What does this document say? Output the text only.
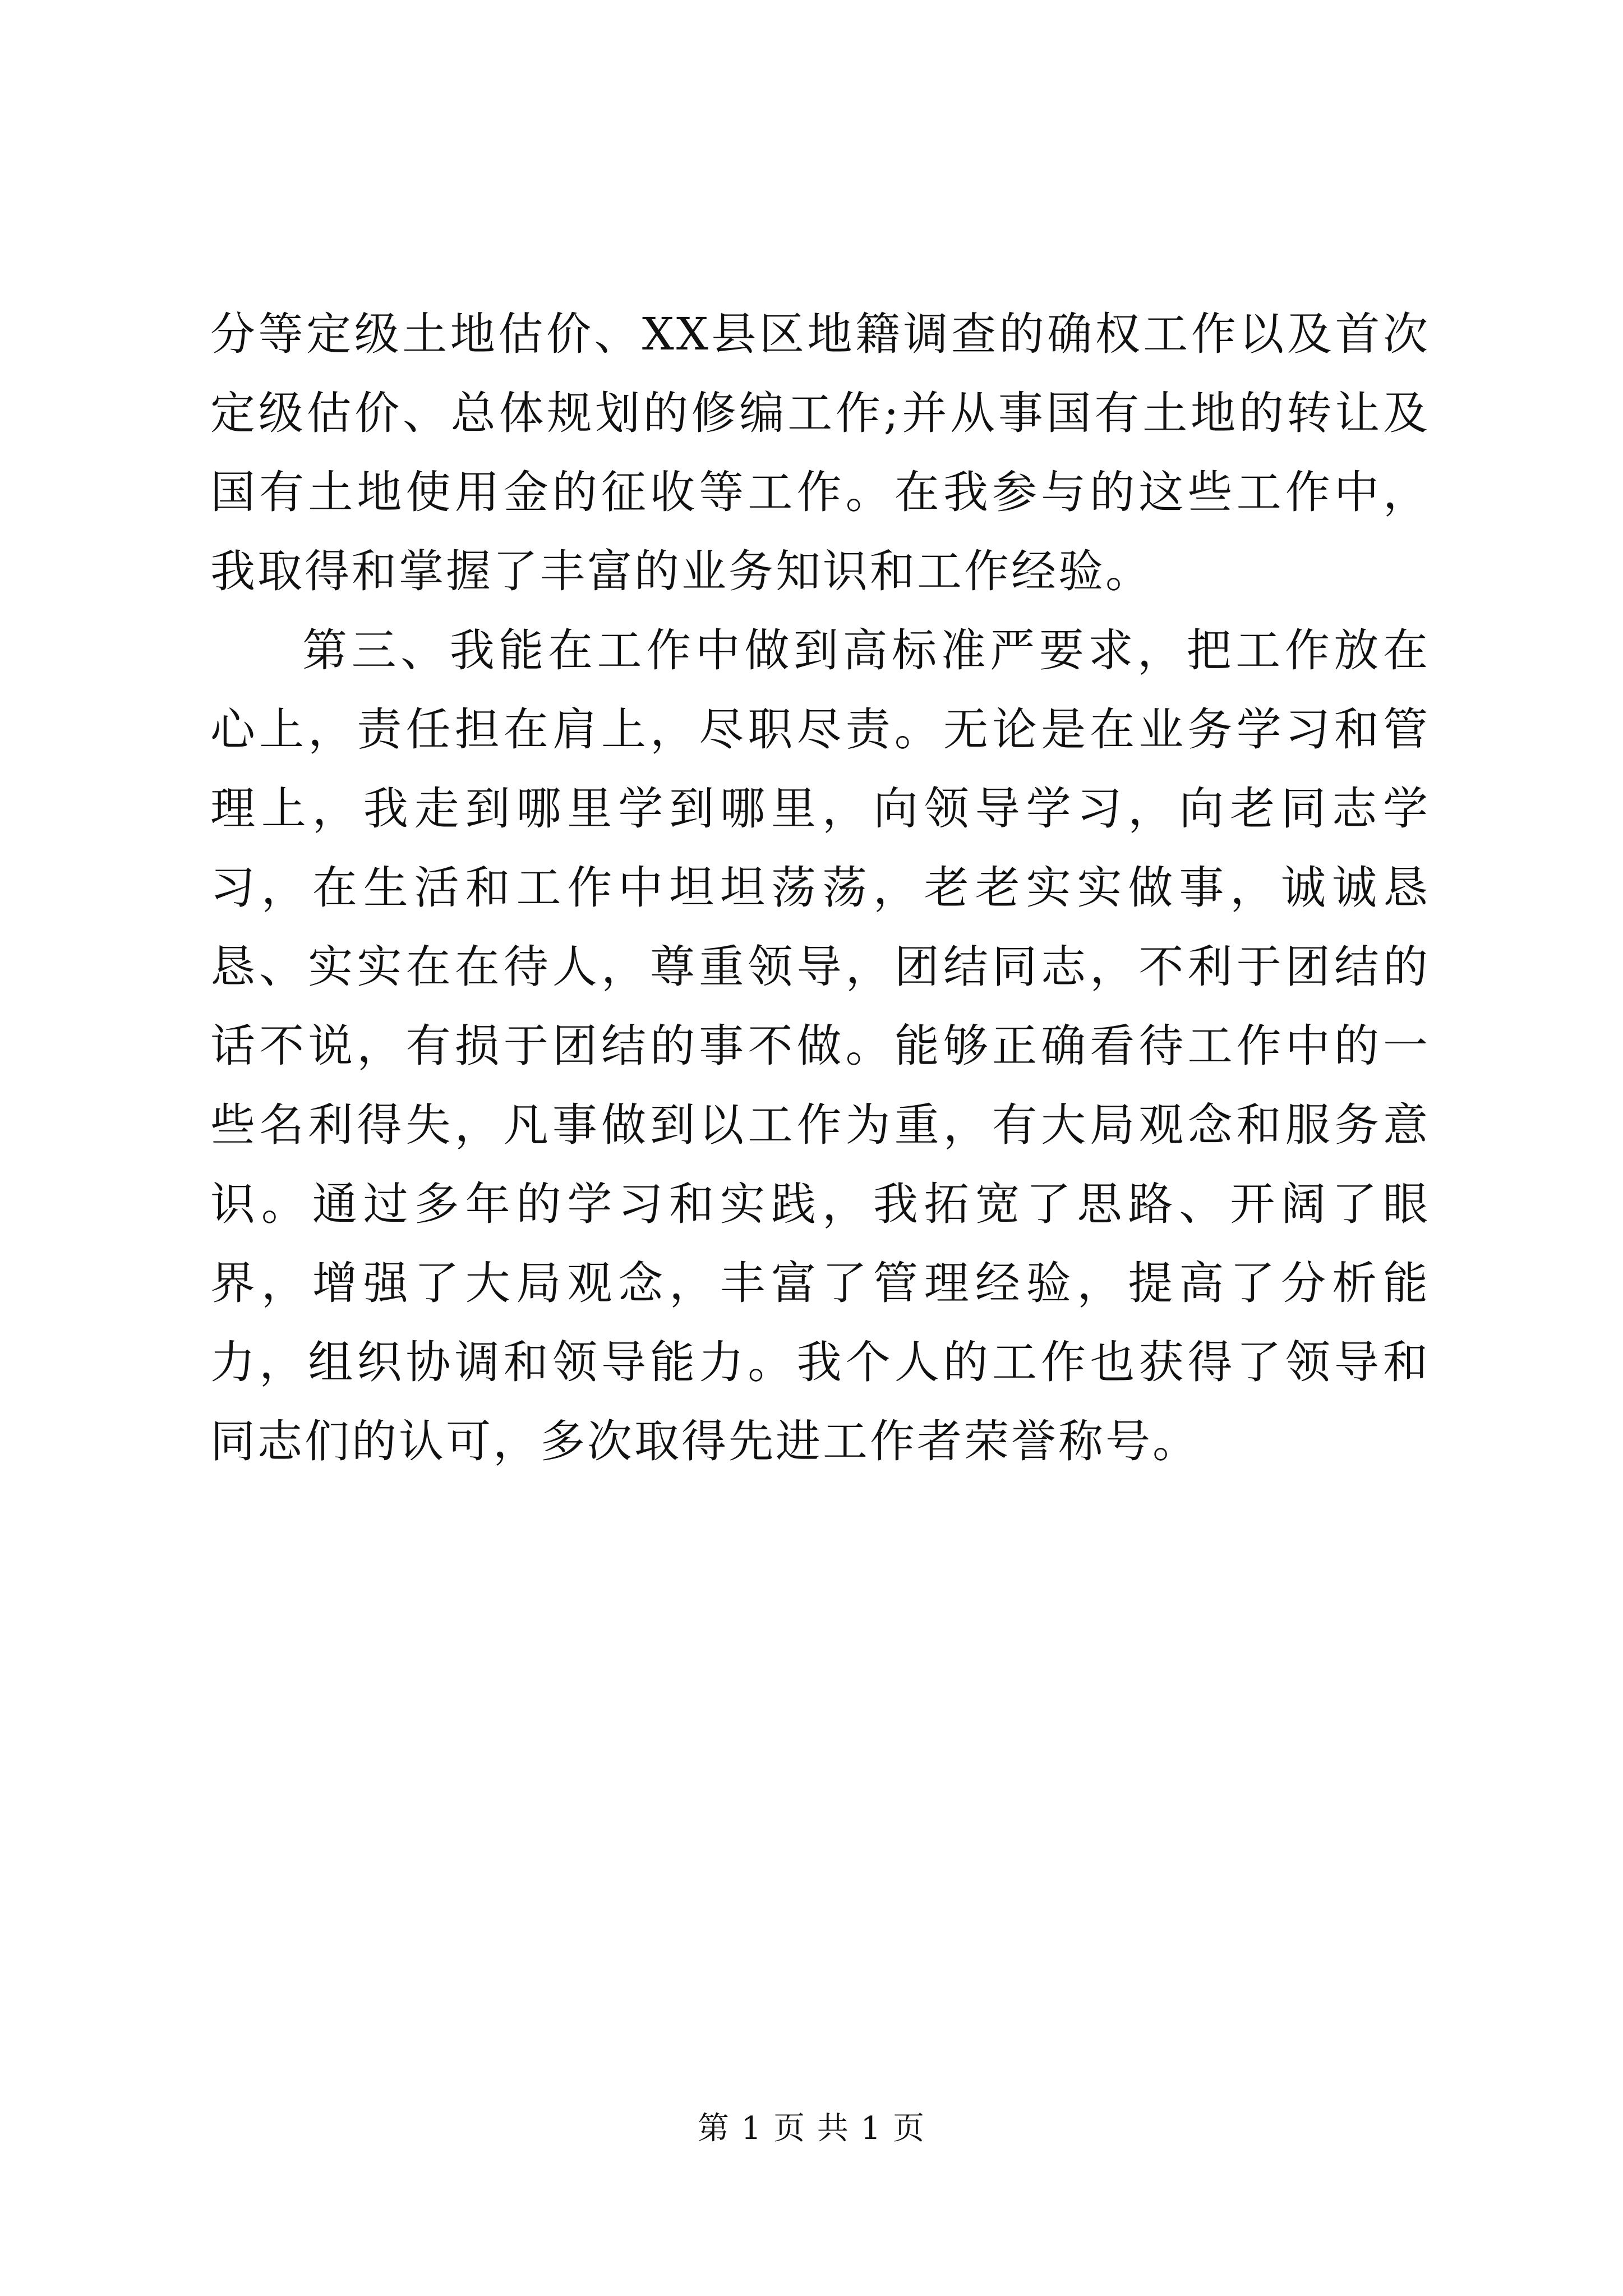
分等定级土地估价、XX县区地籍调查的确权工作以及首次定级估价、总体规划的修编工作;并从事国有土地的转让及国有土地使用金的征收等工作。在我参与的这些工作中，我取得和掌握了丰富的业务知识和工作经验。

第三、我能在工作中做到高标准严要求，把工作放在心上，责任担在肩上，尽职尽责。无论是在业务学习和管理上，我走到哪里学到哪里，向领导学习，向老同志学习，在生活和工作中坦坦荡荡，老老实实做事，诚诚恳恳、实实在在待人，尊重领导，团结同志，不利于团结的话不说，有损于团结的事不做。能够正确看待工作中的一些名利得失，凡事做到以工作为重，有大局观念和服务意识。通过多年的学习和实践，我拓宽了思路、开阔了眼界，增强了大局观念，丰富了管理经验，提高了分析能力，组织协调和领导能力。我个人的工作也获得了领导和同志们的认可，多次取得先进工作者荣誉称号。

第 1 页 共 1 页
